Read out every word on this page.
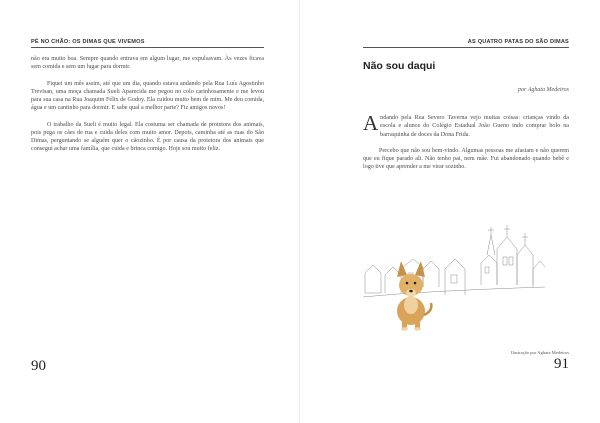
PÉ NO CHÃO: OS DIMAS QUE VIVEMOS

não era muito boa. Sempre quando entrava em algum lugar, me expulsavam. Às vezes ficava sem comida e sem um lugar para dormir.

Fiquei um mês assim, até que um dia, quando estava andando pela Rua Luís Agostinho Trevisan, uma moça chamada Sueli Aparecida me pegou no colo carinhosamente e me levou para sua casa na Rua Joaquim Félix de Godoy. Ela cuidou muito bem de mim. Me deu comida, água e um cantinho para dormir. E sabe qual a melhor parte? Fiz amigos novos!

O trabalho da Sueli é muito legal. Ela costuma ser chamada de protetora dos animais, pois pega os cães de rua e cuida deles com muito amor. Depois, caminha até as ruas do São Dimas, perguntando se alguém quer o cãozinho. É por causa da protetora dos animais que consegui achar uma família, que cuida e brinca comigo. Hoje sou muito feliz.

90
AS QUATRO PATAS DO SÃO DIMAS
Não sou daqui
por Aghata Medeiros

Andando pela Rua Severo Taverna vejo muitas coisas: crianças vindo da escola e alunos do Colégio Estadual João Gueno indo comprar bolo na barraquinha de doces da Dona Frida.

Percebo que não sou bem-vindo. Algumas pessoas me afastam e não querem que eu fique parado ali. Não tenho pai, nem mãe. Fui abandonado quando bebê e logo tive que aprender a me virar sozinho.

Ilustração por Aghata Medeiros
91
